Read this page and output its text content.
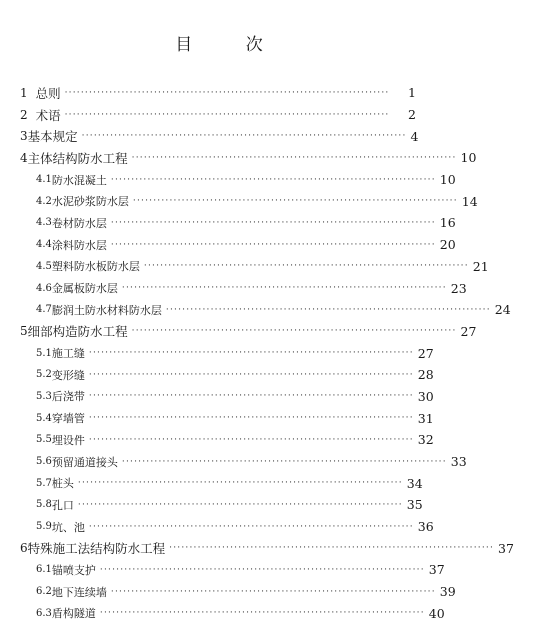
目 次
1 总则 ················································································	1
2 术语 ················································································	2
3 基本规定 ················································································ 4
4 主体结构防水工程 ················································································ 10
4.1 防水混凝土 ················································································ 10
4.2 水泥砂浆防水层 ················································································ 14
4.3 卷材防水层 ················································································ 16
4.4 涂料防水层 ················································································ 20
4.5 塑料防水板防水层 ················································································ 21
4.6 金属板防水层 ················································································ 23
4.7 膨润土防水材料防水层 ················································································ 24
5 细部构造防水工程 ················································································ 27
5.1 施工缝 ················································································ 27
5.2 变形缝 ················································································ 28
5.3 后浇带 ················································································ 30
5.4 穿墙管 ················································································ 31
5.5 埋设件 ················································································ 32
5.6 预留通道接头 ················································································ 33
5.7 桩头 ················································································ 34
5.8 孔口 ················································································ 35
5.9 坑、池 ················································································ 36
6 特殊施工法结构防水工程 ················································································ 37
6.1 锚喷支护 ················································································ 37
6.2 地下连续墙 ················································································ 39
6.3 盾构隧道 ················································································ 40
